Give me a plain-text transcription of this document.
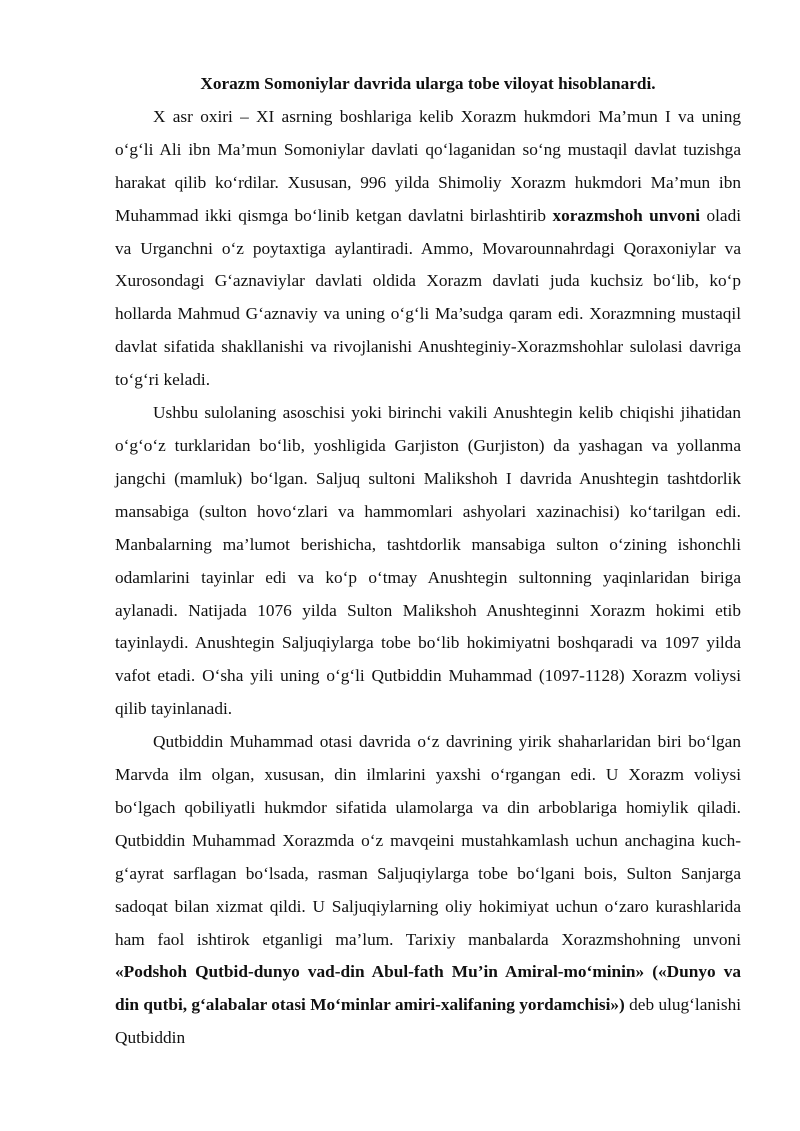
Xorazm Somoniylar davrida ularga tobe viloyat hisoblanardi.

X asr oxiri – XI asrning boshlariga kelib Xorazm hukmdori Ma’mun I va uning o‘g‘li Ali ibn Ma’mun Somoniylar davlati qo‘laganidan so‘ng mustaqil davlat tuzishga harakat qilib ko‘rdilar. Xususan, 996 yilda Shimoliy Xorazm hukmdori Ma’mun ibn Muhammad ikki qismga bo‘linib ketgan davlatni birlashtirib xorazmshoh unvoni oladi va Urganchni o‘z poytaxtiga aylantiradi. Ammo, Movarounnahrdagi Qoraxoniylar va Xurosondagi G‘aznaviylar davlati oldida Xorazm davlati juda kuchsiz bo‘lib, ko‘p hollarda Mahmud G‘aznaviy va uning o‘g‘li Ma’sudga qaram edi. Xorazmning mustaqil davlat sifatida shakllanishi va rivojlanishi Anushteginiy-Xorazmshohlar sulolasi davriga to‘g‘ri keladi.

Ushbu sulolaning asoschisi yoki birinchi vakili Anushtegin kelib chiqishi jihatidan o‘g‘o‘z turklaridan bo‘lib, yoshligida Garjiston (Gurjiston) da yashagan va yollanma jangchi (mamluk) bo‘lgan. Saljuq sultoni Malikshoh I davrida Anushtegin tashtdorlik mansabiga (sulton hovo‘zlari va hammomlari ashyolari xazinachisi) ko‘tarilgan edi. Manbalarning ma’lumot berishicha, tashtdorlik mansabiga sulton o‘zining ishonchli odamlarini tayinlar edi va ko‘p o‘tmay Anushtegin sultonning yaqinlaridan biriga aylanadi. Natijada 1076 yilda Sulton Malikshoh Anushteginni Xorazm hokimi etib tayinlaydi. Anushtegin Saljuqiylarga tobe bo‘lib hokimiyatni boshqaradi va 1097 yilda vafot etadi. O‘sha yili uning o‘g‘li Qutbiddin Muhammad (1097-1128) Xorazm voliysi qilib tayinlanadi.

Qutbiddin Muhammad otasi davrida o‘z davrining yirik shaharlaridan biri bo‘lgan Marvda ilm olgan, xususan, din ilmlarini yaxshi o‘rgangan edi. U Xorazm voliysi bo‘lgach qobiliyatli hukmdor sifatida ulamolarga va din arboblariga homiylik qiladi. Qutbiddin Muhammad Xorazmda o‘z mavqeini mustahkamlash uchun anchagina kuch-g‘ayrat sarflagan bo‘lsada, rasman Saljuqiylarga tobe bo‘lgani bois, Sulton Sanjarga sadoqat bilan xizmat qildi. U Saljuqiylarning oliy hokimiyat uchun o‘zaro kurashlarida ham faol ishtirok etganligi ma’lum. Tarixiy manbalarda Xorazmshohning unvoni «Podshoh Qutbid-dunyo vad-din Abul-fath Mu’in Amiral-mo‘minin» («Dunyo va din qutbi, g‘alabalar otasi Mo‘minlar amiri-xalifaning yordamchisi») deb ulug‘lanishi Qutbiddin
